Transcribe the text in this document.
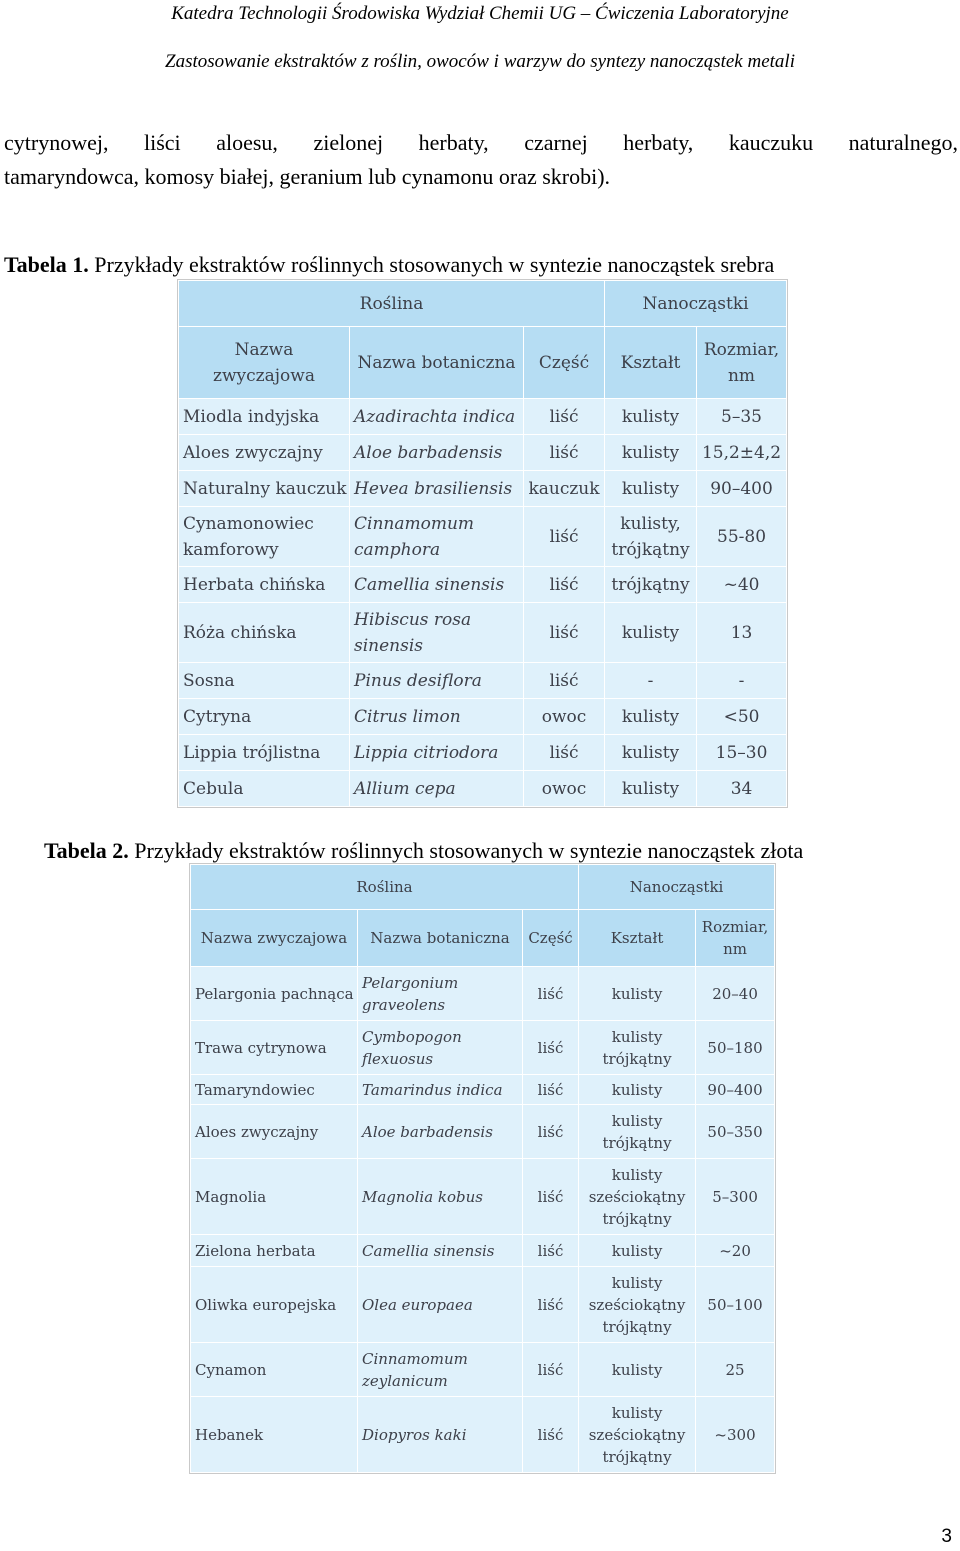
Katedra Technologii Środowiska Wydział Chemii UG – Ćwiczenia Laboratoryjne
Zastosowanie ekstraktów z roślin, owoców i warzyw do syntezy nanocząstek metali
cytrynowej, liści aloesu, zielonej herbaty, czarnej herbaty, kauczuku naturalnego,
tamaryndowca, komosy białej, geranium lub cynamonu oraz skrobi).
Tabela 1. Przykłady ekstraktów roślinnych stosowanych w syntezie nanocząstek srebra
Roślina			Nanocząstki	
Nazwa zwyczajowa	Nazwa botaniczna	Część	Kształt	Rozmiar, nm
Miodla indyjska	Azadirachta indica	liść	kulisty	5–35
Aloes zwyczajny	Aloe barbadensis	liść	kulisty	15,2±4,2
Naturalny kauczuk	Hevea brasiliensis	kauczuk	kulisty	90–400
Cynamonowiec kamforowy	Cinnamomum camphora	liść	kulisty, trójkątny	55-80
Herbata chińska	Camellia sinensis	liść	trójkątny	~40
Róża chińska	Hibiscus rosa sinensis	liść	kulisty	13
Sosna	Pinus desiflora	liść	-	-
Cytryna	Citrus limon	owoc	kulisty	<50
Lippia trójlistna	Lippia citriodora	liść	kulisty	15–30
Cebula	Allium cepa	owoc	kulisty	34
Tabela 2. Przykłady ekstraktów roślinnych stosowanych w syntezie nanocząstek złota
Roślina			Nanocząstki	
Nazwa zwyczajowa	Nazwa botaniczna	Część	Kształt	Rozmiar, nm
Pelargonia pachnąca	Pelargonium graveolens	liść	kulisty	20–40
Trawa cytrynowa	Cymbopogon flexuosus	liść	kulisty trójkątny	50–180
Tamaryndowiec	Tamarindus indica	liść	kulisty	90–400
Aloes zwyczajny	Aloe barbadensis	liść	kulisty trójkątny	50–350
Magnolia	Magnolia kobus	liść	kulisty sześciokątny trójkątny	5–300
Zielona herbata	Camellia sinensis	liść	kulisty	~20
Oliwka europejska	Olea europaea	liść	kulisty sześciokątny trójkątny	50–100
Cynamon	Cinnamomum zeylanicum	liść	kulisty	25
Hebanek	Diopyros kaki	liść	kulisty sześciokątny trójkątny	~300
3
